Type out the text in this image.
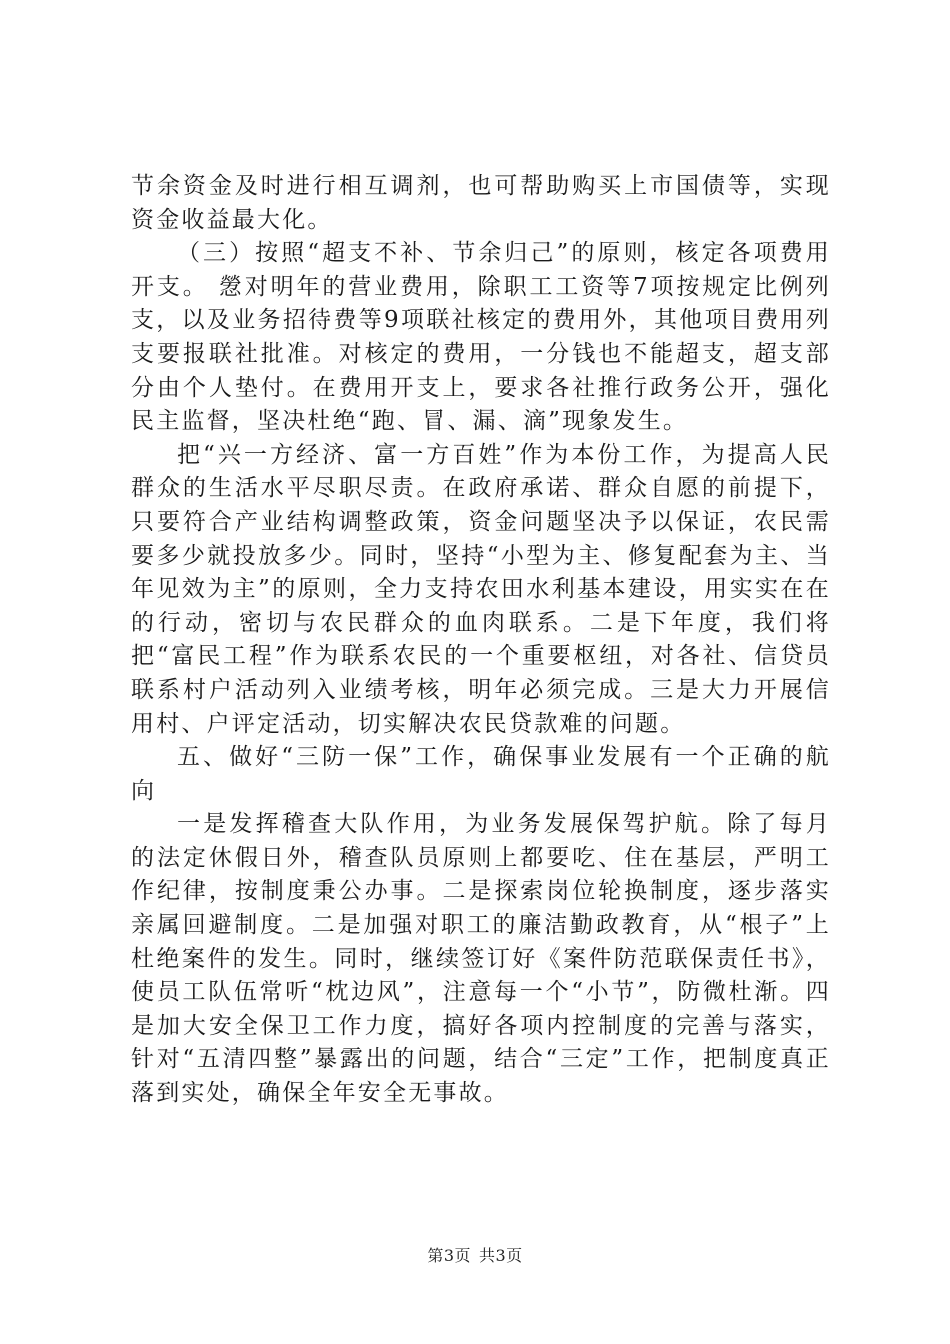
节余资金及时进行相互调剂，也可帮助购买上市国债等，实现资金收益最大化。

（三）按照“超支不补、节余归己”的原则，核定各项费用开支。 憥对明年的营业费用，除职工工资等7项按规定比例列支，以及业务招待费等9项联社核定的费用外，其他项目费用列支要报联社批准。对核定的费用，一分钱也不能超支，超支部分由个人垫付。在费用开支上，要求各社推行政务公开，强化民主监督，坚决杜绝“跑、冒、漏、滴”现象发生。

把“兴一方经济、富一方百姓”作为本份工作，为提高人民群众的生活水平尽职尽责。在政府承诺、群众自愿的前提下，只要符合产业结构调整政策，资金问题坚决予以保证，农民需要多少就投放多少。同时，坚持“小型为主、修复配套为主、当年见效为主”的原则，全力支持农田水利基本建设，用实实在在的行动，密切与农民群众的血肉联系。二是下年度，我们将把“富民工程”作为联系农民的一个重要枢纽，对各社、信贷员联系村户活动列入业绩考核，明年必须完成。三是大力开展信用村、户评定活动，切实解决农民贷款难的问题。

五、做好“三防一保”工作，确保事业发展有一个正确的航向

一是发挥稽查大队作用，为业务发展保驾护航。除了每月的法定休假日外，稽查队员原则上都要吃、住在基层，严明工作纪律，按制度秉公办事。二是探索岗位轮换制度，逐步落实亲属回避制度。二是加强对职工的廉洁勤政教育，从“根子”上杜绝案件的发生。同时，继续签订好《案件防范联保责任书》，使员工队伍常听“枕边风”，注意每一个“小节”，防微杜渐。四是加大安全保卫工作力度，搞好各项内控制度的完善与落实，针对“五清四整”暴露出的问题，结合“三定”工作，把制度真正落到实处，确保全年安全无事故。

第3页 共3页
